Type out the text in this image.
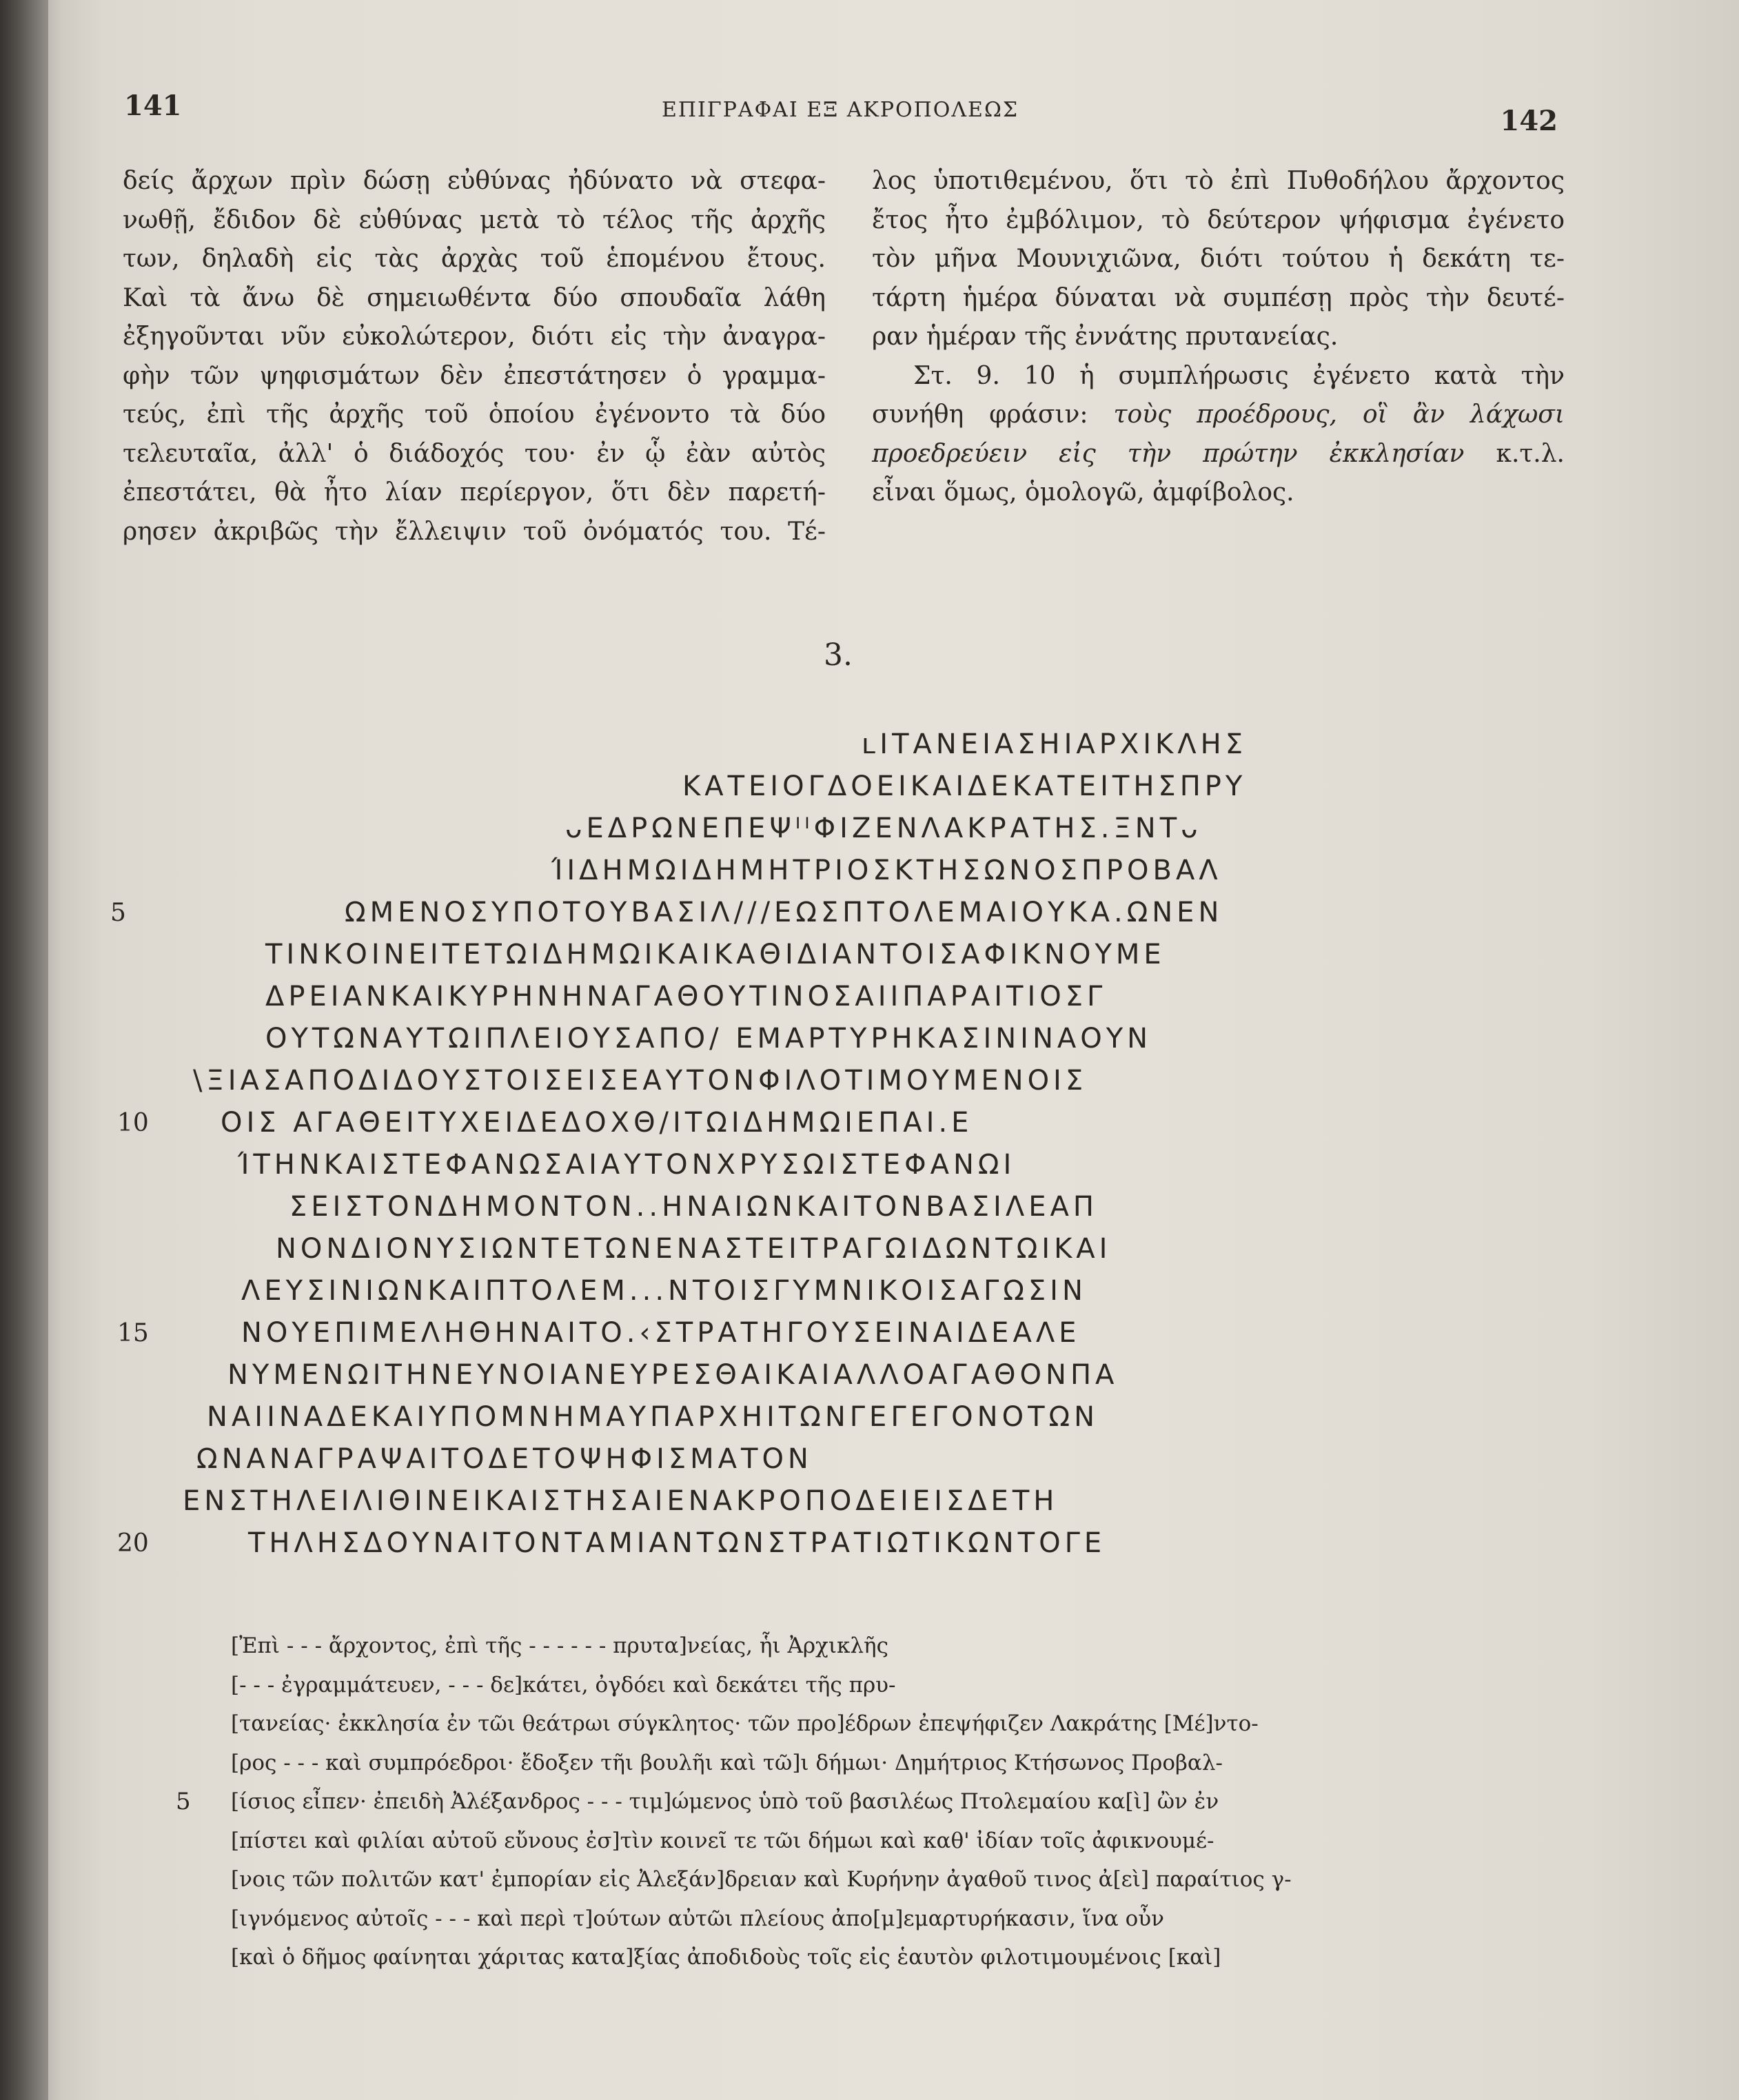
141	ΕΠΙΓΡΑΦΑΙ ΕΞ ΑΚΡΟΠΟΛΕΩΣ	142
δείς ἄρχων πρὶν δώσῃ εὐθύνας ἠδύνατο νὰ στεφα-
νωθῇ, ἔδιδον δὲ εὐθύνας μετὰ τὸ τέλος τῆς ἀρχῆς
των, δηλαδὴ εἰς τὰς ἀρχὰς τοῦ ἑπομένου ἔτους.
Καὶ τὰ ἄνω δὲ σημειωθέντα δύο σπουδαῖα λάθη
ἐξηγοῦνται νῦν εὐκολώτερον, διότι εἰς τὴν ἀναγρα-
φὴν τῶν ψηφισμάτων δὲν ἐπεστάτησεν ὁ γραμμα-
τεύς, ἐπὶ τῆς ἀρχῆς τοῦ ὁποίου ἐγένοντο τὰ δύο
τελευταῖα, ἀλλ' ὁ διάδοχός του· ἐν ᾧ ἐὰν αὐτὸς
ἐπεστάτει, θὰ ἦτο λίαν περίεργον, ὅτι δὲν παρετή-
ρησεν ἀκριβῶς τὴν ἔλλειψιν τοῦ ὀνόματός του. Τέ-
λος ὑποτιθεμένου, ὅτι τὸ ἐπὶ Πυθοδήλου ἄρχοντος
ἔτος ἦτο ἐμβόλιμον, τὸ δεύτερον ψήφισμα ἐγένετο
τὸν μῆνα Μουνιχιῶνα, διότι τούτου ἡ δεκάτη τε-
τάρτη ἡμέρα δύναται νὰ συμπέσῃ πρὸς τὴν δευτέ-
ραν ἡμέραν τῆς ἐννάτης πρυτανείας.
Στ. 9. 10 ἡ συμπλήρωσις ἐγένετο κατὰ τὴν
συνήθη φράσιν: τοὺς προέδρους, οἳ ἂν λάχωσι
προεδρεύειν εἰς τὴν πρώτην ἐκκλησίαν κ.τ.λ.
εἶναι ὅμως, ὁμολογῶ, ἀμφίβολος.
3.
ʟΙΤΑΝΕΙΑΣΗΙΑΡΧΙΚΛΗΣ
ΚΑΤΕΙΟΓΔΟΕΙΚΑΙΔΕΚΑΤΕΙΤΗΣΠΡΥ
ᴗΕΔΡΩΝΕΠΕΨᴵᴵΦΙΖΕΝΛΑΚΡΑΤΗΣ.ΞΝΤᴗ
ΊΙΔΗΜΩΙΔΗΜΗΤΡΙΟΣΚΤΗΣΩΝΟΣΠΡΟΒΑΛ
5	ΩΜΕΝΟΣΥΠΟΤΟΥΒΑΣΙΛ///ΕΩΣΠΤΟΛΕΜΑΙΟΥΚΑ.ΩΝΕΝ
ΤΙΝΚΟΙΝΕΙΤΕΤΩΙΔΗΜΩΙΚΑΙΚΑΘΙΔΙΑΝΤΟΙΣΑΦΙΚΝΟΥΜΕ
ΔΡΕΙΑΝΚΑΙΚΥΡΗΝΗΝΑΓΑΘΟΥΤΙΝΟΣΑΙΙΠΑΡΑΙΤΙΟΣΓ
ΟΥΤΩΝΑΥΤΩΙΠΛΕΙΟΥΣΑΠΟ/ ΕΜΑΡΤΥΡΗΚΑΣΙΝΙΝΑΟΥΝ
\ΞΙΑΣΑΠΟΔΙΔΟΥΣΤΟΙΣΕΙΣΕΑΥΤΟΝΦΙΛΟΤΙΜΟΥΜΕΝΟΙΣ
10	ΟΙΣ ΑΓΑΘΕΙΤΥΧΕΙΔΕΔΟΧΘ/ΙΤΩΙΔΗΜΩΙΕΠΑΙ.Ε
ΊΤΗΝΚΑΙΣΤΕΦΑΝΩΣΑΙΑΥΤΟΝΧΡΥΣΩΙΣΤΕΦΑΝΩΙ
ΣΕΙΣΤΟΝΔΗΜΟΝΤΟΝ..ΗΝΑΙΩΝΚΑΙΤΟΝΒΑΣΙΛΕΑΠ
ΝΟΝΔΙΟΝΥΣΙΩΝΤΕΤΩΝΕΝΑΣΤΕΙΤΡΑΓΩΙΔΩΝΤΩΙΚΑΙ
ΛΕΥΣΙΝΙΩΝΚΑΙΠΤΟΛΕΜ...ΝΤΟΙΣΓΥΜΝΙΚΟΙΣΑΓΩΣΙΝ
15	ΝΟΥΕΠΙΜΕΛΗΘΗΝΑΙΤΟ.‹ΣΤΡΑΤΗΓΟΥΣΕΙΝΑΙΔΕΑΛΕ
ΝΥΜΕΝΩΙΤΗΝΕΥΝΟΙΑΝΕΥΡΕΣΘΑΙΚΑΙΑΛΛΟΑΓΑΘΟΝΠΑ
ΝΑΙΙΝΑΔΕΚΑΙΥΠΟΜΝΗΜΑΥΠΑΡΧΗΙΤΩΝΓΕΓΕΓΟΝΟΤΩΝ
ΩΝΑΝΑΓΡΑΨΑΙΤΟΔΕΤΟΨΗΦΙΣΜΑΤΟΝ
ΕΝΣΤΗΛΕΙΛΙΘΙΝΕΙΚΑΙΣΤΗΣΑΙΕΝΑΚΡΟΠΟΔΕΙΕΙΣΔΕΤΗ
20	ΤΗΛΗΣΔΟΥΝΑΙΤΟΝΤΑΜΙΑΝΤΩΝΣΤΡΑΤΙΩΤΙΚΩΝΤΟΓΕ
[Ἐπὶ - - - ἄρχοντος, ἐπὶ τῆς - - - - - - πρυτα]νείας, ἧι Ἀρχικλῆς
[- - - ἐγραμμάτευεν, - - - δε]κάτει, ὀγδόει καὶ δεκάτει τῆς πρυ-
[τανείας· ἐκκλησία ἐν τῶι θεάτρωι σύγκλητος· τῶν προ]έδρων ἐπεψήφιζεν Λακράτης [Μέ]ντο-
[ρος - - - καὶ συμπρόεδροι· ἔδοξεν τῆι βουλῆι καὶ τῶ]ι δήμωι· Δημήτριος Κτήσωνος Προβαλ-
5 [ίσιος εἶπεν· ἐπειδὴ Ἀλέξανδρος - - - τιμ]ώμενος ὑπὸ τοῦ βασιλέως Πτολεμαίου κα[ὶ] ὢν ἐν
[πίστει καὶ φιλίαι αὐτοῦ εὔνους ἐσ]τὶν κοινεῖ τε τῶι δήμωι καὶ καθ' ἰδίαν τοῖς ἀφικνουμέ-
[νοις τῶν πολιτῶν κατ' ἐμπορίαν εἰς Ἀλεξάν]δρειαν καὶ Κυρήνην ἀγαθοῦ τινος ἀ[εὶ] παραίτιος γ-
[ιγνόμενος αὐτοῖς - - - καὶ περὶ τ]ούτων αὐτῶι πλείους ἀπο[μ]εμαρτυρήκασιν, ἵνα οὖν
[καὶ ὁ δῆμος φαίνηται χάριτας κατα]ξίας ἀποδιδοὺς τοῖς εἰς ἑαυτὸν φιλοτιμουμένοις [καὶ]
